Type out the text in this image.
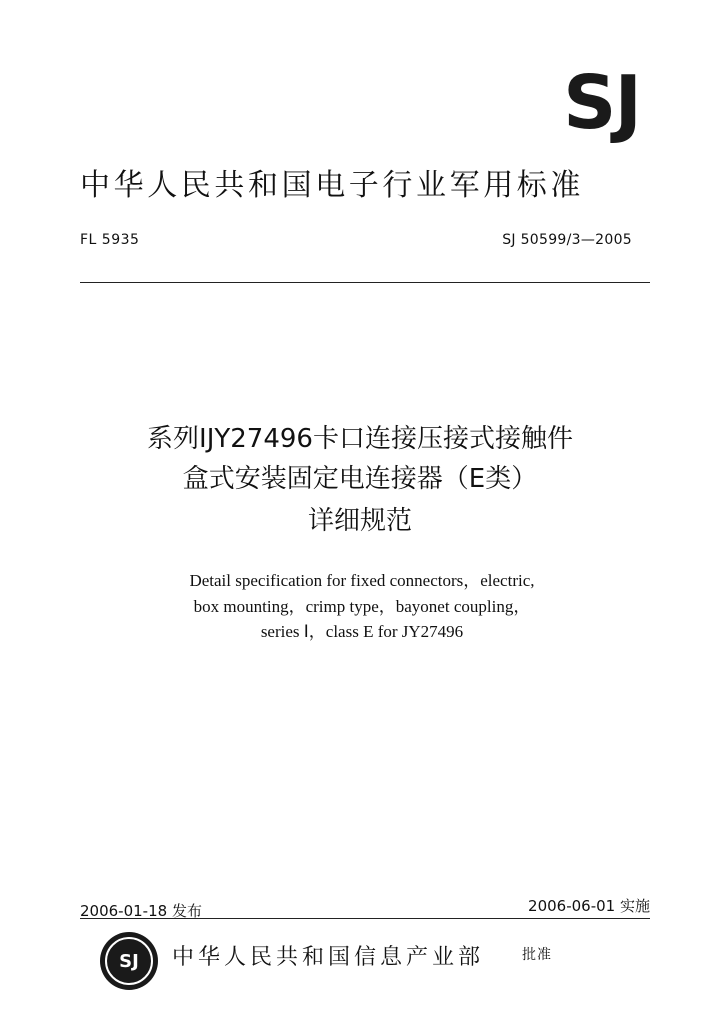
SJ
中华人民共和国电子行业军用标准
FL 5935	SJ 50599/3—2005
系列ⅠJY27496卡口连接压接式接触件
盒式安装固定电连接器（E类）
详细规范
Detail specification for fixed connectors，electric,
box mounting，crimp type，bayonet coupling，
series Ⅰ，class E for JY27496
2006-01-18 发布	2006-06-01 实施
SJ	中华人民共和国信息产业部	批准
